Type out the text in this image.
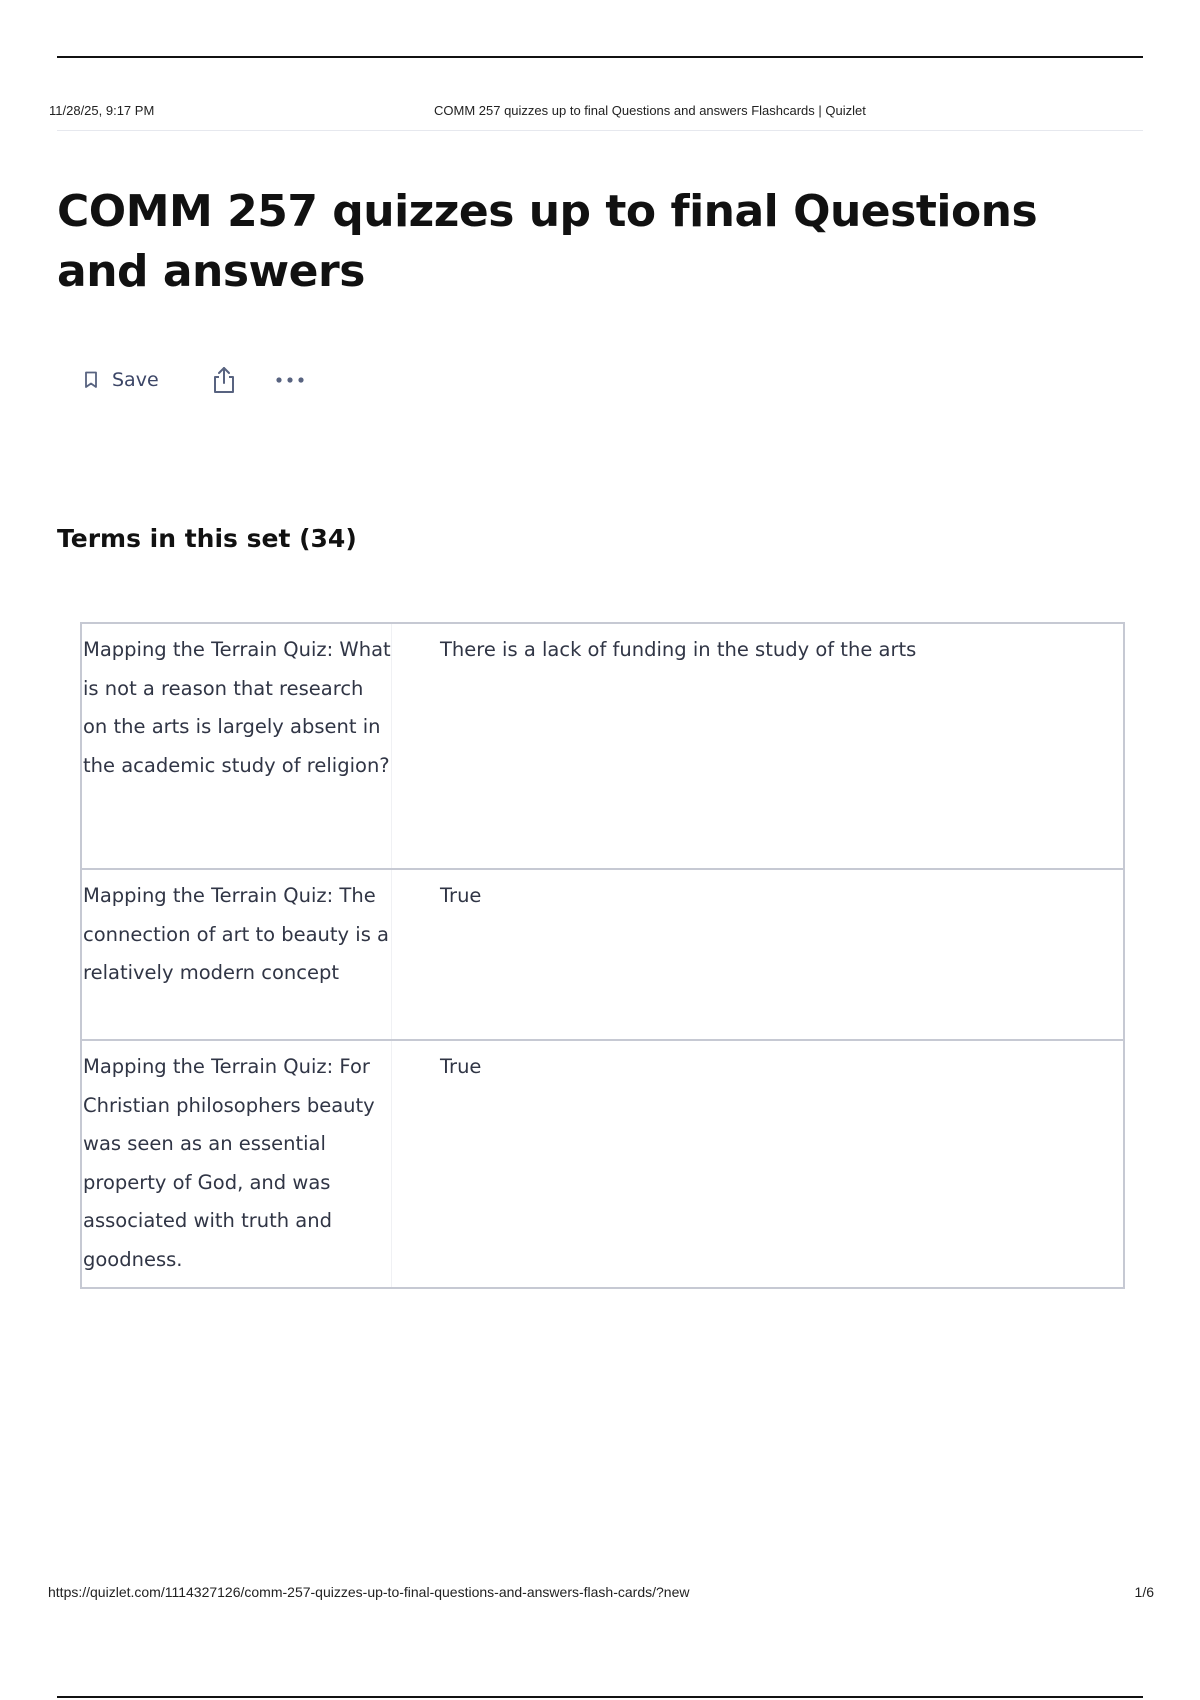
11/28/25, 9:17 PM	COMM 257 quizzes up to final Questions and answers Flashcards | Quizlet
COMM 257 quizzes up to final Questions and answers
Save
Terms in this set (34)
Mapping the Terrain Quiz: What is not a reason that research on the arts is largely absent in the academic study of religion?
There is a lack of funding in the study of the arts
Mapping the Terrain Quiz: The connection of art to beauty is a relatively modern concept
True
Mapping the Terrain Quiz: For Christian philosophers beauty was seen as an essential property of God, and was associated with truth and goodness.
True
https://quizlet.com/1114327126/comm-257-quizzes-up-to-final-questions-and-answers-flash-cards/?new	1/6
